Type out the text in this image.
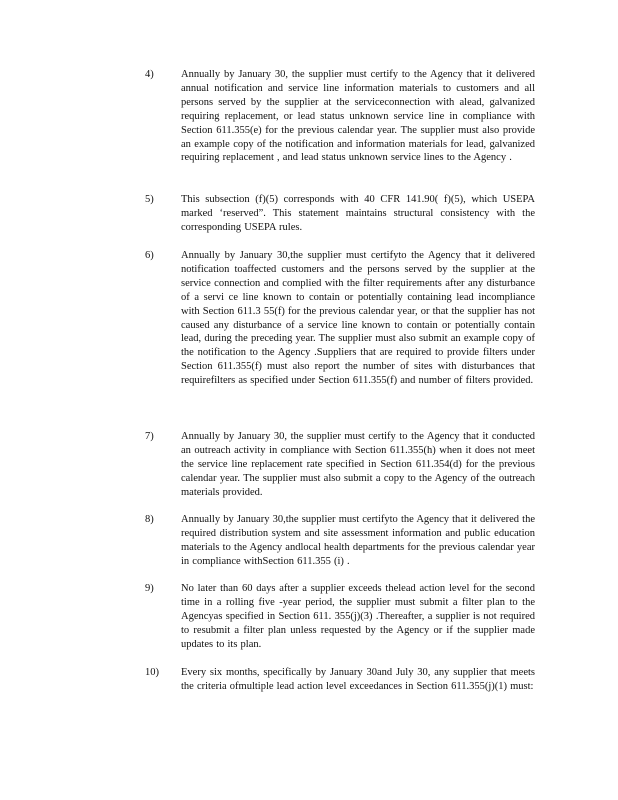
4)	Annually by January 30, the supplier must certify to the Agency that it delivered annual notification and service line information materials to customers and all persons served by the supplier at the serviceconnection with alead, galvanized requiring replacement, or lead status unknown service line in compliance with Section 611.355(e) for the previous calendar year. The supplier must also provide an example copy of the notification and information materials for lead, galvanized requiring replacement , and lead status unknown service lines to the Agency .

5)	This subsection (f)(5) corresponds with 40 CFR 141.90( f)(5), which USEPA marked ‘reserved”. This statement maintains structural consistency with the corresponding USEPA rules.

6)	Annually by January 30,the supplier must certifyto the Agency that it delivered notification toaffected customers and the persons served by the supplier at the service connection and complied with the filter requirements after any disturbance of a servi ce line known to contain or potentially containing lead incompliance with Section 611.3 55(f) for the previous calendar year, or that the supplier has not caused any disturbance of a service line known to contain or potentially contain lead, during the preceding year. The supplier must also submit an example copy of the notification to the Agency .Suppliers that are required to provide filters under Section 611.355(f) must also report the number of sites with disturbances that requirefilters as specified under Section 611.355(f) and number of filters provided.

7)	Annually by January 30, the supplier must certify to the Agency that it conducted an outreach activity in compliance with Section 611.355(h) when it does not meet the service line replacement rate specified in Section 611.354(d) for the previous calendar year. The supplier must also submit a copy to the Agency of the outreach materials provided.

8)	Annually by January 30,the supplier must certifyto the Agency that it delivered the required distribution system and site assessment information and public education materials to the Agency andlocal health departments for the previous calendar year in compliance withSection 611.355 (i) .

9)	No later than 60 days after a supplier exceeds thelead action level for the second time in a rolling five -year period, the supplier must submit a filter plan to the Agencyas specified in Section 611. 355(j)(3) .Thereafter, a supplier is not required to resubmit a filter plan unless requested by the Agency or if the supplier made updates to its plan.

10) Every six months, specifically by January 30and July 30, any supplier that meets the criteria ofmultiple lead action level exceedances in Section 611.355(j)(1) must:
